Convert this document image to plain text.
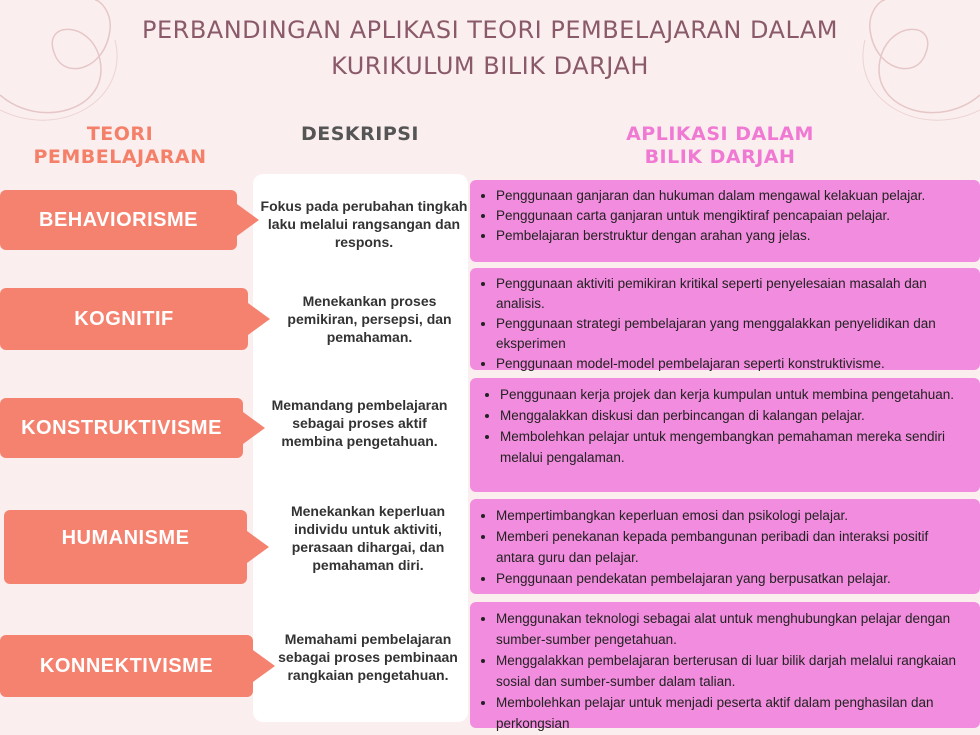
PERBANDINGAN APLIKASI TEORI PEMBELAJARAN DALAM
KURIKULUM BILIK DARJAH
TEORI PEMBELAJARAN
DESKRIPSI	APLIKASI DALAM BILIK DARJAH
BEHAVIORISME
Fokus pada perubahan tingkah laku melalui rangsangan dan respons.
• Penggunaan ganjaran dan hukuman dalam mengawal kelakuan pelajar.
• Penggunaan carta ganjaran untuk mengiktiraf pencapaian pelajar.
• Pembelajaran berstruktur dengan arahan yang jelas.
KOGNITIF
Menekankan proses pemikiran, persepsi, dan pemahaman.
• Penggunaan aktiviti pemikiran kritikal seperti penyelesaian masalah dan analisis.
• Penggunaan strategi pembelajaran yang menggalakkan penyelidikan dan eksperimen
• Penggunaan model-model pembelajaran seperti konstruktivisme.
KONSTRUKTIVISME
Memandang pembelajaran sebagai proses aktif membina pengetahuan.
• Penggunaan kerja projek dan kerja kumpulan untuk membina pengetahuan.
• Menggalakkan diskusi dan perbincangan di kalangan pelajar.
• Membolehkan pelajar untuk mengembangkan pemahaman mereka sendiri melalui pengalaman.
HUMANISME
Menekankan keperluan individu untuk aktiviti, perasaan dihargai, dan pemahaman diri.
• Mempertimbangkan keperluan emosi dan psikologi pelajar.
• Memberi penekanan kepada pembangunan peribadi dan interaksi positif antara guru dan pelajar.
• Penggunaan pendekatan pembelajaran yang berpusatkan pelajar.
KONNEKTIVISME
Memahami pembelajaran sebagai proses pembinaan rangkaian pengetahuan.
• Menggunakan teknologi sebagai alat untuk menghubungkan pelajar dengan sumber-sumber pengetahuan.
• Menggalakkan pembelajaran berterusan di luar bilik darjah melalui rangkaian sosial dan sumber-sumber dalam talian.
• Membolehkan pelajar untuk menjadi peserta aktif dalam penghasilan dan perkongsian
